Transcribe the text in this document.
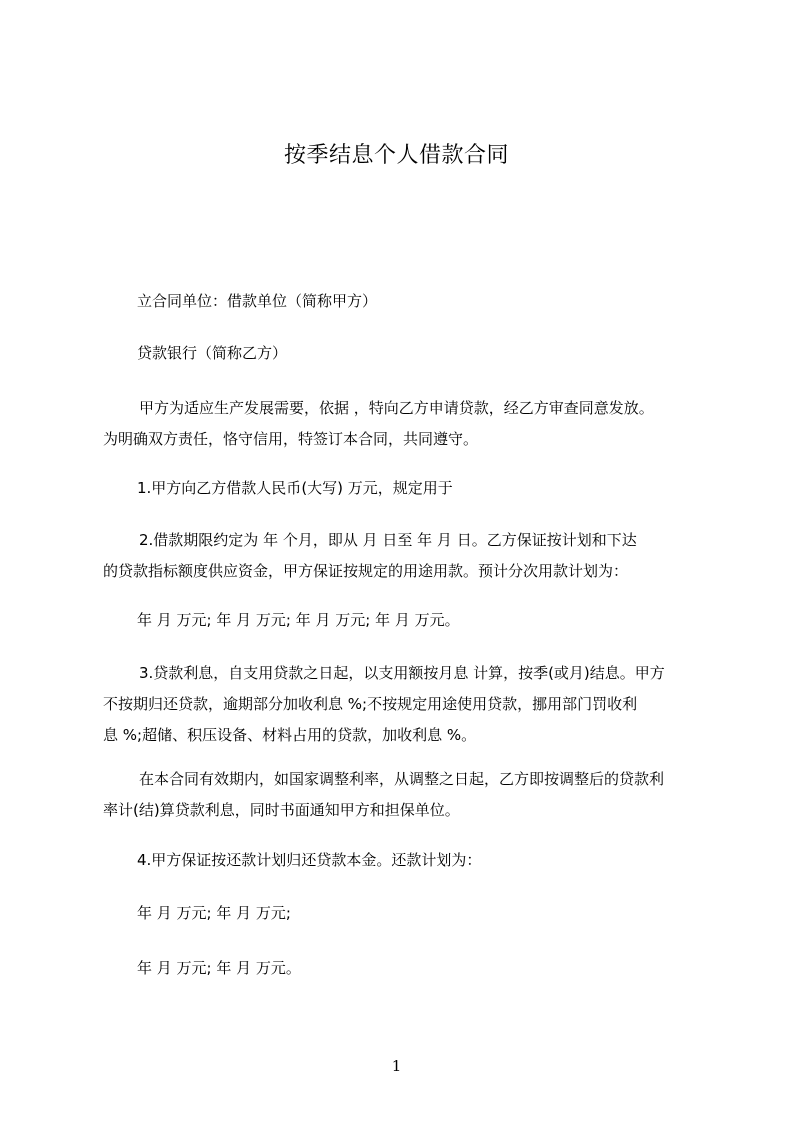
按季结息个人借款合同
立合同单位：借款单位（简称甲方）
贷款银行（简称乙方）
甲方为适应生产发展需要，依据 ，特向乙方申请贷款，经乙方审查同意发放。
为明确双方责任，恪守信用，特签订本合同，共同遵守。
1.甲方向乙方借款人民币(大写) 万元，规定用于
2.借款期限约定为 年 个月，即从 月 日至 年 月 日。乙方保证按计划和下达
的贷款指标额度供应资金，甲方保证按规定的用途用款。预计分次用款计划为：
年 月 万元; 年 月 万元; 年 月 万元; 年 月 万元。
3.贷款利息，自支用贷款之日起，以支用额按月息 计算，按季(或月)结息。甲方
不按期归还贷款，逾期部分加收利息 %;不按规定用途使用贷款，挪用部门罚收利
息 %;超储、积压设备、材料占用的贷款，加收利息 %。
在本合同有效期内，如国家调整利率，从调整之日起，乙方即按调整后的贷款利
率计(结)算贷款利息，同时书面通知甲方和担保单位。
4.甲方保证按还款计划归还贷款本金。还款计划为：
年 月 万元; 年 月 万元;
年 月 万元; 年 月 万元。
1
